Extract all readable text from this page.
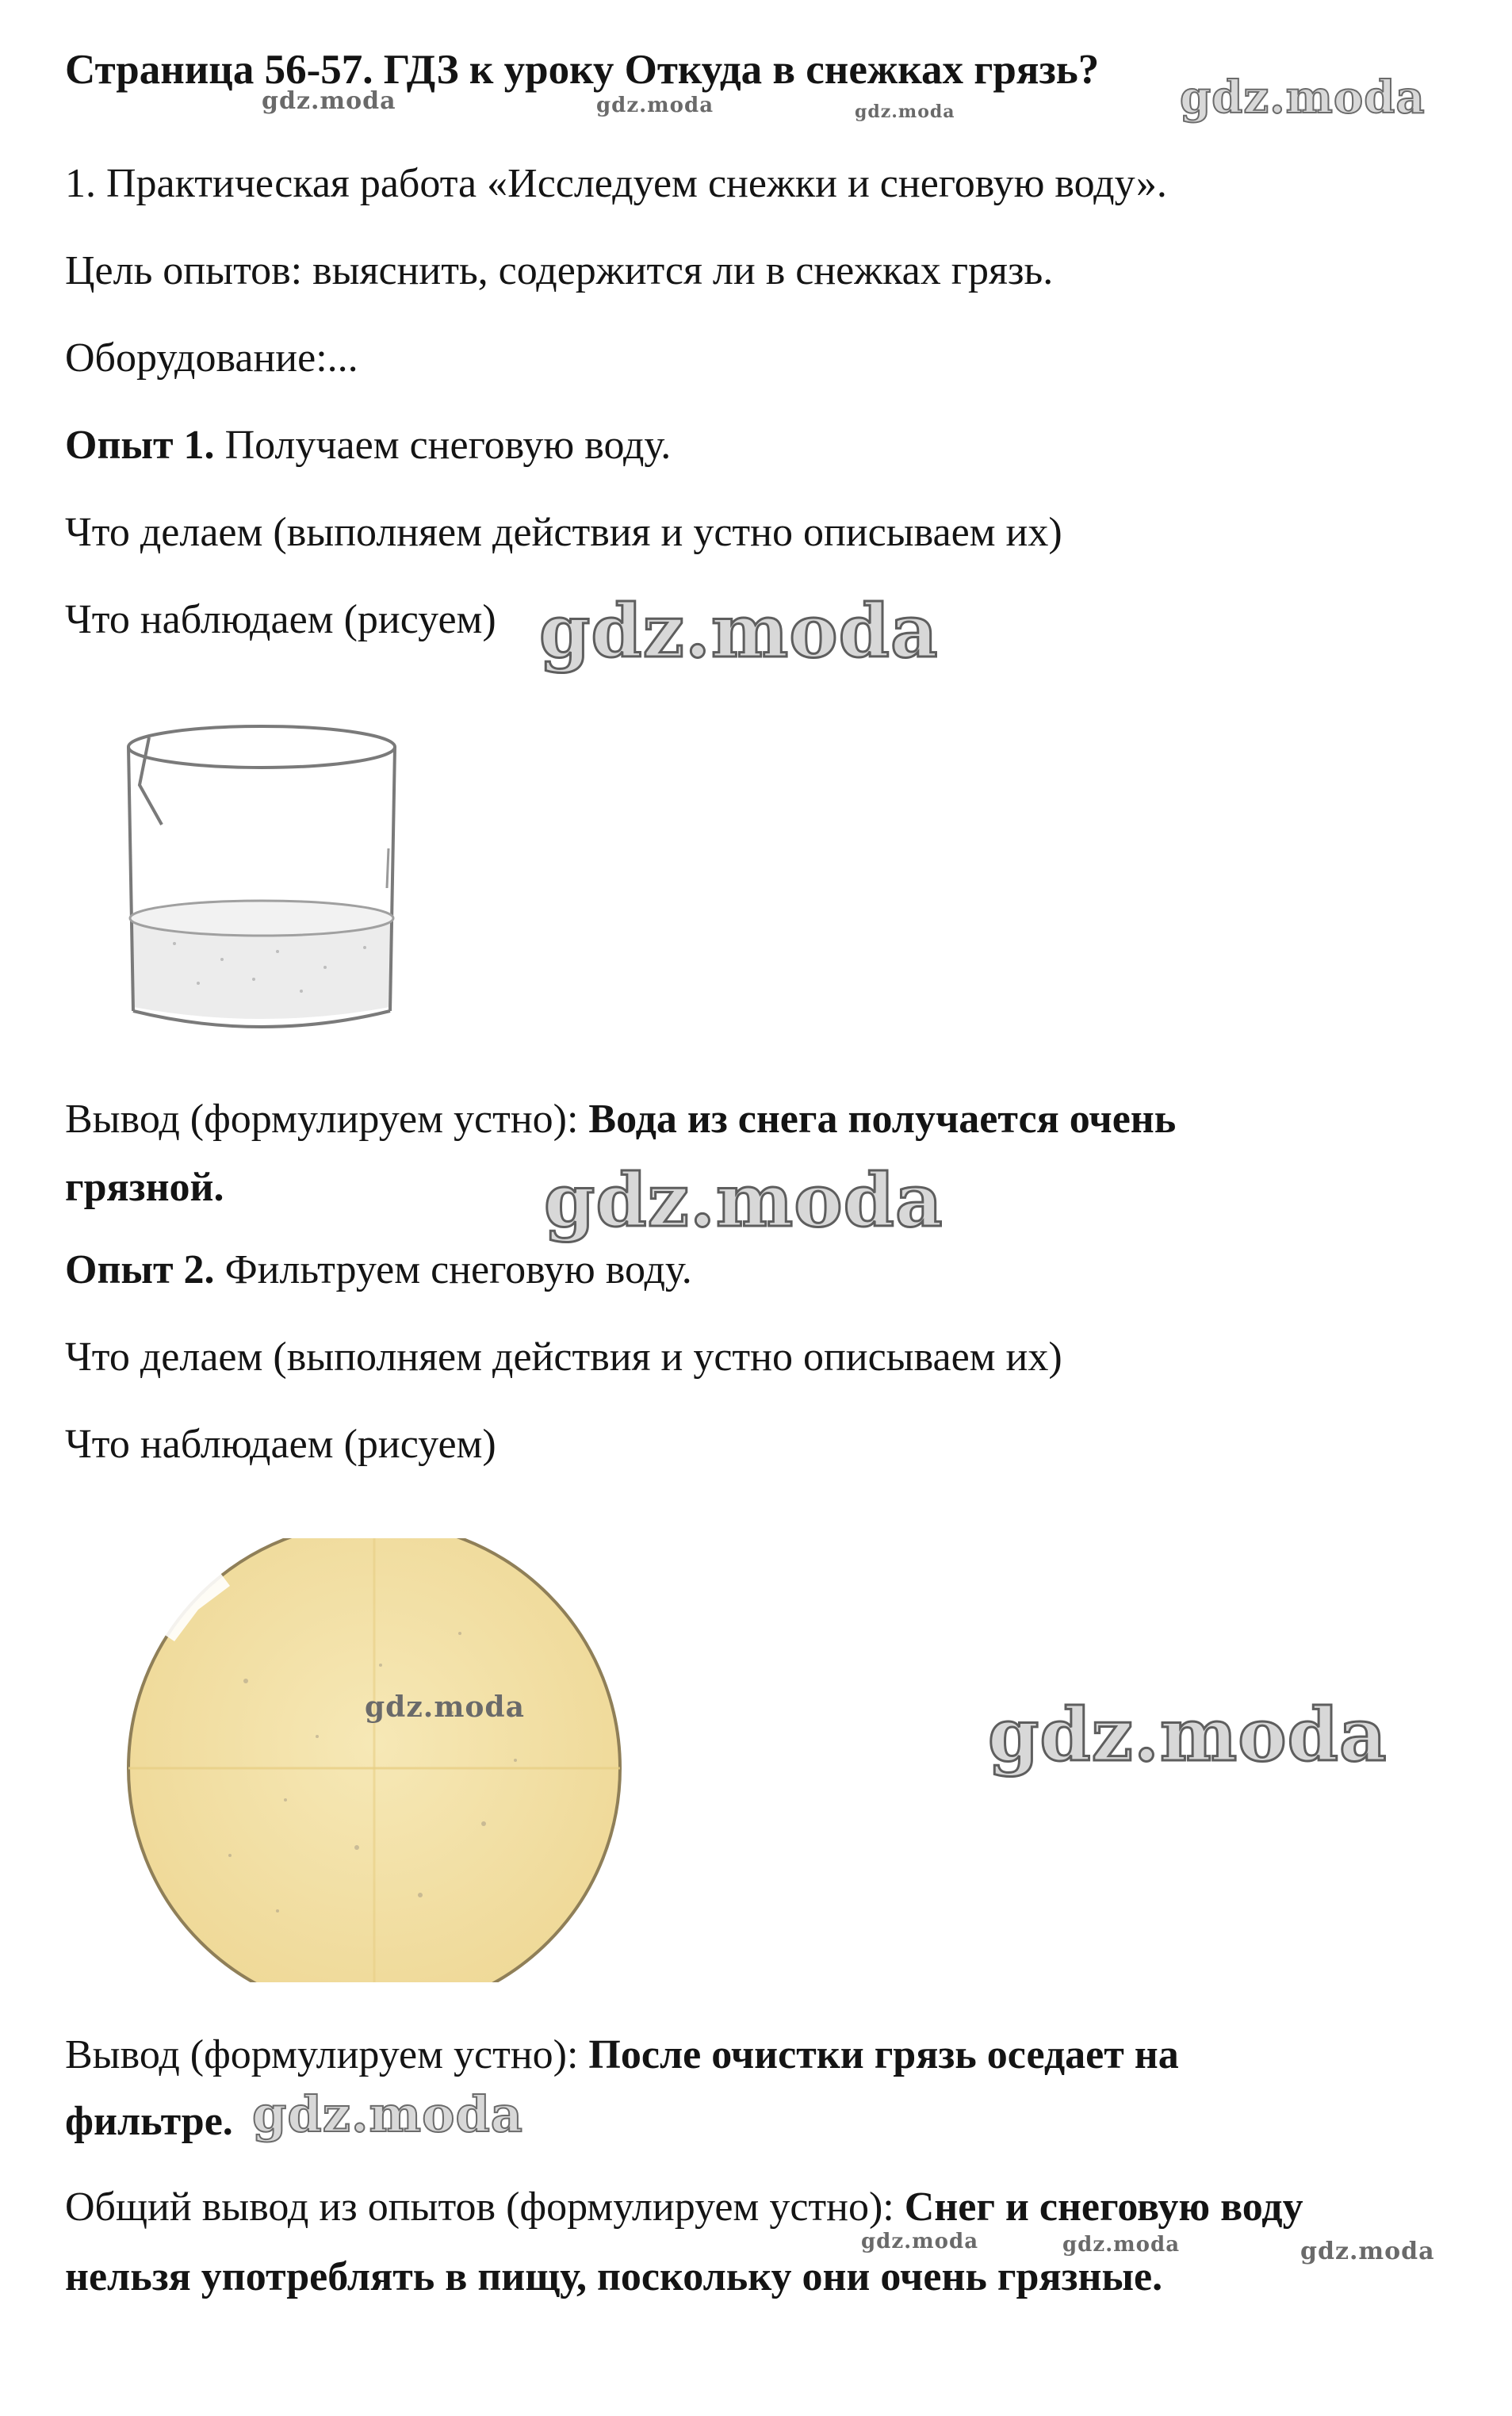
Страница 56-57. ГДЗ к уроку Откуда в снежках грязь?
gdz.moda	gdz.moda	gdz.moda	gdz.moda
1. Практическая работа «Исследуем снежки и снеговую воду».
Цель опытов: выяснить, содержится ли в снежках грязь.
Оборудование:...
Опыт 1. Получаем снеговую воду.
Что делаем (выполняем действия и устно описываем их)
Что наблюдаем (рисуем) gdz.moda
Вывод (формулируем устно): Вода из снега получается очень
грязной.	gdz.moda
Опыт 2. Фильтруем снеговую воду.
Что делаем (выполняем действия и устно описываем их)
Что наблюдаем (рисуем)
gdz.moda	gdz.moda
Вывод (формулируем устно): После очистки грязь оседает на
фильтре. gdz.moda
Общий вывод из опытов (формулируем устно): Снег и снеговую воду
нельзя употреблять в пищу, поскольку они очень грязные.
gdz.moda	gdz.moda	gdz.moda
